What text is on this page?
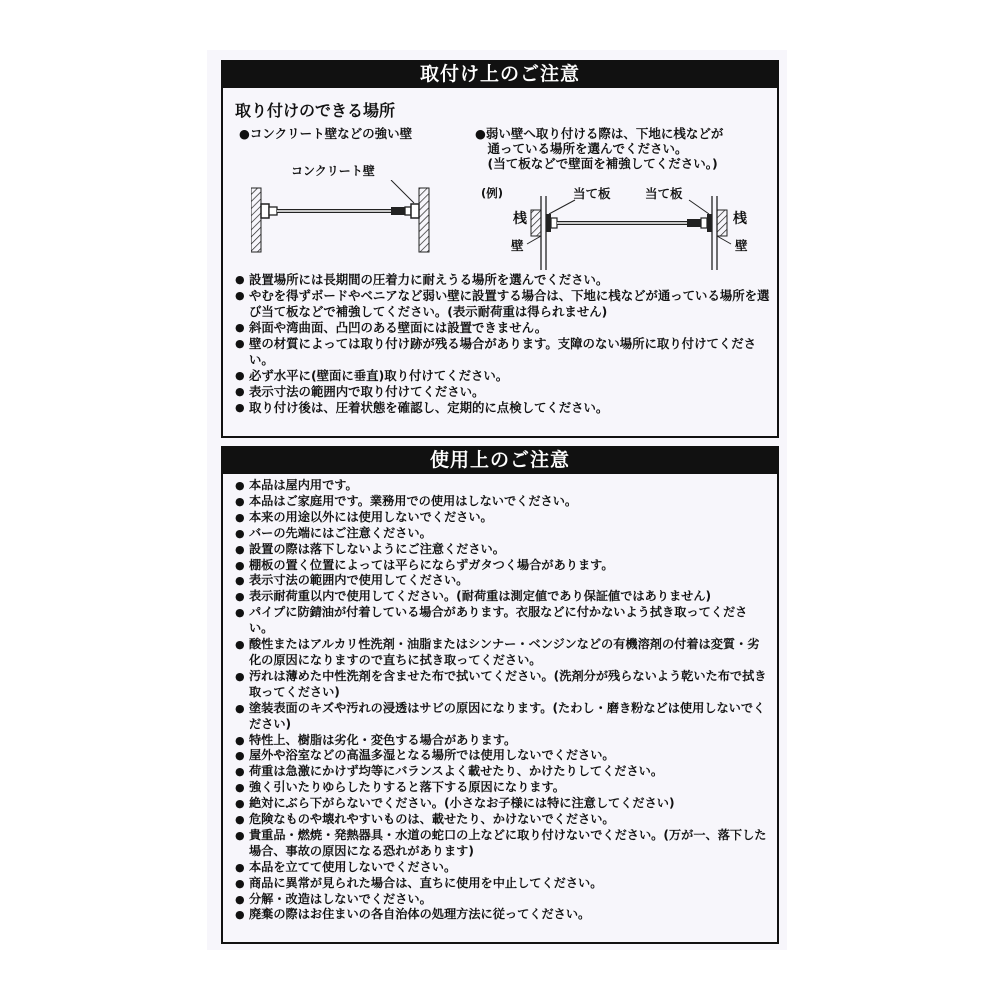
取付け上のご注意
取り付けのできる場所
●コンクリート壁などの強い壁
コンクリート壁
●弱い壁へ取り付ける際は、下地に桟などが
　通っている場所を選んでください。
　(当て板などで壁面を補強してください。)
(例)
桟	桟
当て板	当て板
壁	壁
● 設置場所には長期間の圧着力に耐えうる場所を選んでください。
● やむを得ずボードやベニアなど弱い壁に設置する場合は、下地に桟などが通っている場所を選び当て板などで補強してください。(表示耐荷重は得られません)
● 斜面や湾曲面、凸凹のある壁面には設置できません。
● 壁の材質によっては取り付け跡が残る場合があります。支障のない場所に取り付けてください。
● 必ず水平に(壁面に垂直)取り付けてください。
● 表示寸法の範囲内で取り付けてください。
● 取り付け後は、圧着状態を確認し、定期的に点検してください。
使用上のご注意
● 本品は屋内用です。
● 本品はご家庭用です。業務用での使用はしないでください。
● 本来の用途以外には使用しないでください。
● バーの先端にはご注意ください。
● 設置の際は落下しないようにご注意ください。
● 棚板の置く位置によっては平らにならずガタつく場合があります。
● 表示寸法の範囲内で使用してください。
● 表示耐荷重以内で使用してください。(耐荷重は測定値であり保証値ではありません)
● パイプに防錆油が付着している場合があります。衣服などに付かないよう拭き取ってください。
● 酸性またはアルカリ性洗剤・油脂またはシンナー・ベンジンなどの有機溶剤の付着は変質・劣化の原因になりますので直ちに拭き取ってください。
● 汚れは薄めた中性洗剤を含ませた布で拭いてください。(洗剤分が残らないよう乾いた布で拭き取ってください)
● 塗装表面のキズや汚れの浸透はサビの原因になります。(たわし・磨き粉などは使用しないでください)
● 特性上、樹脂は劣化・変色する場合があります。
● 屋外や浴室などの高温多湿となる場所では使用しないでください。
● 荷重は急激にかけず均等にバランスよく載せたり、かけたりしてください。
● 強く引いたりゆらしたりすると落下する原因になります。
● 絶対にぶら下がらないでください。(小さなお子様には特に注意してください)
● 危険なものや壊れやすいものは、載せたり、かけないでください。
● 貴重品・燃焼・発熱器具・水道の蛇口の上などに取り付けないでください。(万が一、落下した場合、事故の原因になる恐れがあります)
● 本品を立てて使用しないでください。
● 商品に異常が見られた場合は、直ちに使用を中止してください。
● 分解・改造はしないでください。
● 廃棄の際はお住まいの各自治体の処理方法に従ってください。
